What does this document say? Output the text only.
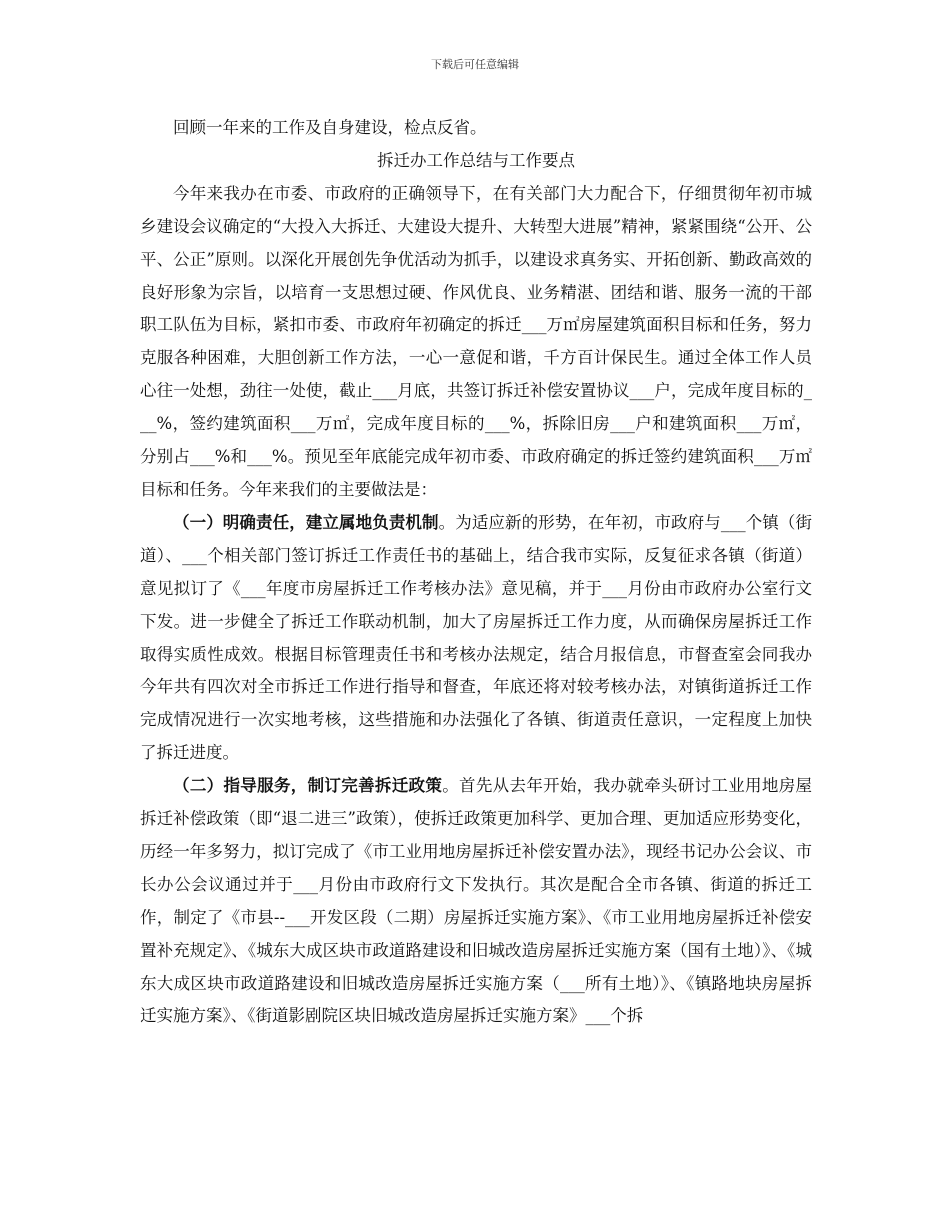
下载后可任意编辑

回顾一年来的工作及自身建设，检点反省。

拆迁办工作总结与工作要点

今年来我办在市委、市政府的正确领导下，在有关部门大力配合下，仔细贯彻年初市城乡建设会议确定的“大投入大拆迁、大建设大提升、大转型大进展”精神，紧紧围绕“公开、公平、公正”原则。以深化开展创先争优活动为抓手，以建设求真务实、开拓创新、勤政高效的良好形象为宗旨，以培育一支思想过硬、作风优良、业务精湛、团结和谐、服务一流的干部职工队伍为目标，紧扣市委、市政府年初确定的拆迁___万㎡房屋建筑面积目标和任务，努力克服各种困难，大胆创新工作方法，一心一意促和谐，千方百计保民生。通过全体工作人员心往一处想，劲往一处使，截止___月底，共签订拆迁补偿安置协议___户，完成年度目标的___%，签约建筑面积___万㎡，完成年度目标的___%，拆除旧房___户和建筑面积___万㎡，分别占___%和___%。预见至年底能完成年初市委、市政府确定的拆迁签约建筑面积___万㎡目标和任务。今年来我们的主要做法是：

（一）明确责任，建立属地负责机制。为适应新的形势，在年初，市政府与___个镇（街道）、___个相关部门签订拆迁工作责任书的基础上，结合我市实际，反复征求各镇（街道）意见拟订了《___年度市房屋拆迁工作考核办法》意见稿，并于___月份由市政府办公室行文下发。进一步健全了拆迁工作联动机制，加大了房屋拆迁工作力度，从而确保房屋拆迁工作取得实质性成效。根据目标管理责任书和考核办法规定，结合月报信息，市督查室会同我办今年共有四次对全市拆迁工作进行指导和督查，年底还将对较考核办法，对镇街道拆迁工作完成情况进行一次实地考核，这些措施和办法强化了各镇、街道责任意识，一定程度上加快了拆迁进度。

（二）指导服务，制订完善拆迁政策。首先从去年开始，我办就牵头研讨工业用地房屋拆迁补偿政策（即“退二进三”政策），使拆迁政策更加科学、更加合理、更加适应形势变化，历经一年多努力，拟订完成了《市工业用地房屋拆迁补偿安置办法》，现经书记办公会议、市长办公会议通过并于___月份由市政府行文下发执行。其次是配合全市各镇、街道的拆迁工作，制定了《市县--___开发区段（二期）房屋拆迁实施方案》、《市工业用地房屋拆迁补偿安置补充规定》、《城东大成区块市政道路建设和旧城改造房屋拆迁实施方案（国有土地）》、《城东大成区块市政道路建设和旧城改造房屋拆迁实施方案（___所有土地）》、《镇路地块房屋拆迁实施方案》、《街道影剧院区块旧城改造房屋拆迁实施方案》___个拆
